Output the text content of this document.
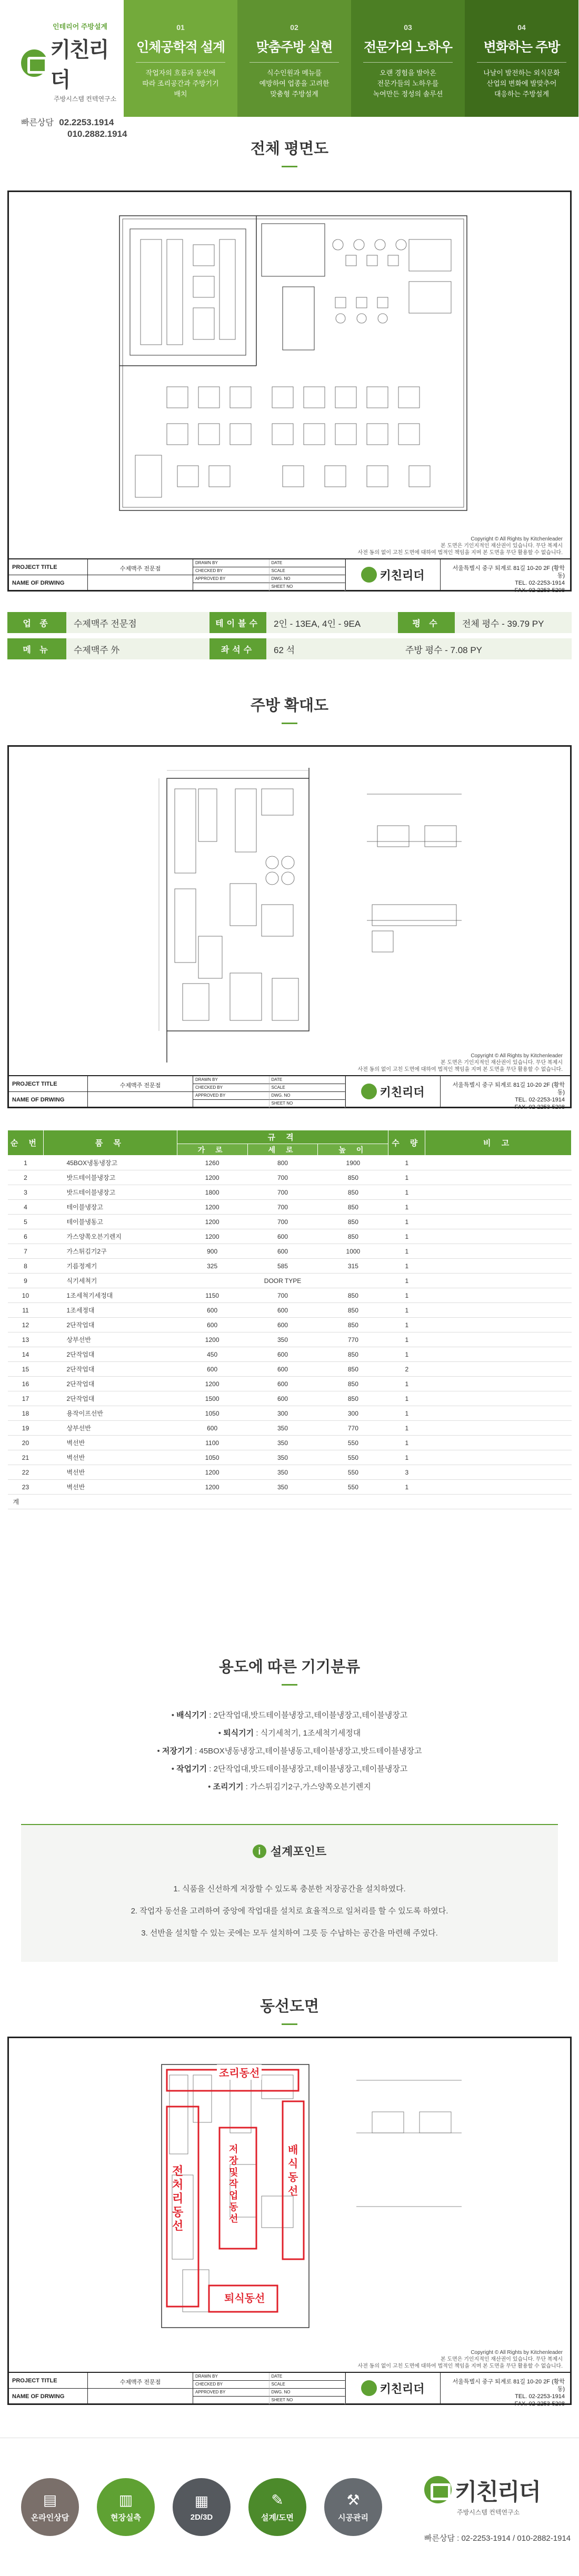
인테리어 주방설계
키친리더
주방시스템 컨텍연구소
빠른상담 02.2253.1914
010.2882.1914
01
인체공학적 설계
작업자의 흐름과 동선에
따라 조리공간과 주방기기
배치
02
맞춤주방 실현
식수인원과 메뉴를
예방하여 업종을 고려한
맞춤형 주방설계
03
전문가의 노하우
오랜 경험을 발아온
전문가들의 노하우를
녹여만든 정성의 솔루션
04
변화하는 주방
나날이 발전하는 외식문화
산업의 변화에 발맞추어
대응하는 주방설계
전체 평면도
Copyright © All Rights by Kitchenleader
본 도면은 기인지적인 재산권이 있습니다. 무단 복제시
사전 동의 없이 고친 도면에 대하여 법적인 책임을 지며 본 도면을 무단 활용할 수 없습니다.
PROJECT TITLE	수제맥주 전문점
NAME OF DRWING
DRAWN BY	DATE
CHECKED BY	SCALE
APPROVED BY	DWG. NO
SHEET NO
키친리더
서울특별시 중구 퇴계로 81길 10-20 2F (황학동)
TEL. 02-2253-1914
FAX. 02-2253-5208
업 종	수제맥주 전문점	테이블수	2인 - 13EA, 4인 - 9EA	평 수	전체 평수 - 39.79 PY
메 뉴	수제맥주 外	좌석수	62 석	주방 평수 - 7.08 PY
주방 확대도
Copyright © All Rights by Kitchenleader
본 도면은 기인지적인 재산권이 있습니다. 무단 복제시
사전 동의 없이 고친 도면에 대하여 법적인 책임을 지며 본 도면을 무단 활용할 수 없습니다.
PROJECT TITLE	수제맥주 전문점
NAME OF DRWING
DRAWN BY	DATE
CHECKED BY	SCALE
APPROVED BY	DWG. NO
SHEET NO
키친리더
서울특별시 중구 퇴계로 81길 10-20 2F (황학동)
TEL. 02-2253-1914
FAX. 02-2253-5208
순 번	품 목	규 격			수 량	비 고
		가 로	세 로	높 이		
1	45BOX냉동냉장고	1260	800	1900	1	
2	밧드테이블냉장고	1200	700	850	1	
3	밧드테이블냉장고	1800	700	850	1	
4	테이블냉장고	1200	700	850	1	
5	테이블냉동고	1200	700	850	1	
6	가스양쪽오븐기렌지	1200	600	850	1	
7	가스튀김기2구	900	600	1000	1	
8	기름정제기	325	585	315	1	
9	식기세척기		DOOR TYPE		1	
10	1조세척기세정대	1150	700	850	1	
11	1조세정대	600	600	850	1	
12	2단작업대	600	600	850	1	
13	상부선반	1200	350	770	1	
14	2단작업대	450	600	850	1	
15	2단작업대	600	600	850	2	
16	2단작업대	1200	600	850	1	
17	2단작업대	1500	600	850	1	
18	용작이프선반	1050	300	300	1	
19	상부선반	600	350	770	1	
20	벽선반	1100	350	550	1	
21	벽선반	1050	350	550	1	
22	벽선반	1200	350	550	3	
23	벽선반	1200	350	550	1	
계						
용도에 따른 기기분류
• 배식기기 : 2단작업대,밧드테이블냉장고,테이블냉장고,테이블냉장고
• 퇴식기기 : 식기세척기, 1조세척기세정대
• 저장기기 : 45BOX냉동냉장고,테이블냉동고,테이블냉장고,밧드테이블냉장고
• 작업기기 : 2단작업대,밧드테이블냉장고,테이블냉장고,테이블냉장고
• 조리기기 : 가스튀김기2구,가스양쪽오븐기렌지
i 설계포인트
1. 식품을 신선하게 저장할 수 있도록 충분한 저장공간을 설치하였다.
2. 작업자 동선을 고려하여 중앙에 작업대를 설치로 효율적으로 일처리를 할 수 있도록 하였다.
3. 선반을 설치할 수 있는 곳에는 모두 설치하여 그릇 등 수납하는 공간을 마련해 주었다.
동선도면
조리동선
전처리동선
저장및작업동선
배식동선
퇴식동선
Copyright © All Rights by Kitchenleader
본 도면은 기인지적인 재산권이 있습니다. 무단 복제시
사전 동의 없이 고친 도면에 대하여 법적인 책임을 지며 본 도면을 무단 활용할 수 없습니다.
PROJECT TITLE	수제맥주 전문점
NAME OF DRWING
DRAWN BY	DATE
CHECKED BY	SCALE
APPROVED BY	DWG. NO
SHEET NO
키친리더
서울특별시 중구 퇴계로 81길 10-20 2F (황학동)
TEL. 02-2253-1914
FAX. 02-2253-5208
▤
온라인상담
▥
현장실측
▦
2D/3D
✎
설계/도면
⚒
시공관리
키친리더
주방시스템 컨텍연구소
빠른상담 : 02-2253-1914 / 010-2882-1914
